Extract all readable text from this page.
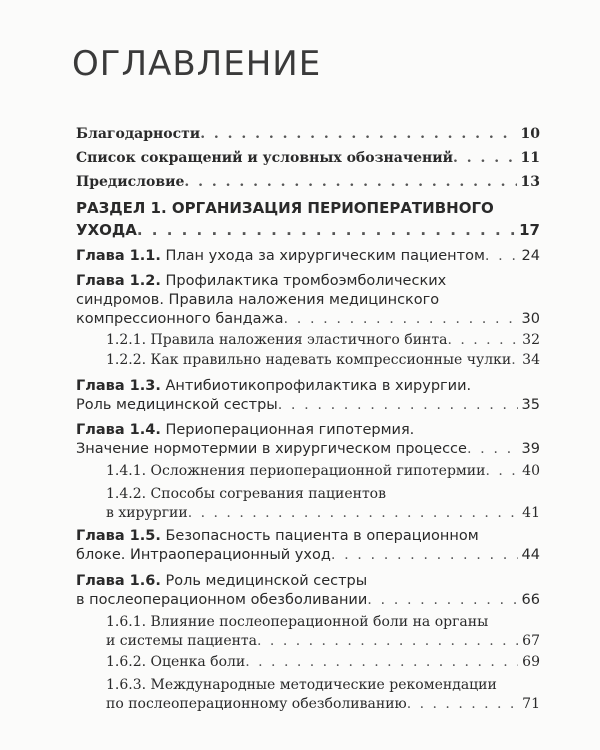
ОГЛАВЛЕНИЕ
Благодарности . . .	10
Список сокращений и условных обозначений . . .	11
Предисловие . . .	13
РАЗДЕЛ 1. ОРГАНИЗАЦИЯ ПЕРИОПЕРАТИВНОГО
УХОДА . . .	17
Глава 1.1. План ухода за хирургическим пациентом . . .	24
Глава 1.2. Профилактика тромбоэмболических
синдромов. Правила наложения медицинского
компрессионного бандажа . . .	30
1.2.1. Правила наложения эластичного бинта . . .	32
1.2.2. Как правильно надевать компрессионные чулки . . . 34
Глава 1.3. Антибиотикопрофилактика в хирургии.
Роль медицинской сестры . . .	35
Глава 1.4. Периоперационная гипотермия.
Значение нормотермии в хирургическом процессе . . .	39
1.4.1. Осложнения периоперационной гипотермии . . .	40
1.4.2. Способы согревания пациентов
в хирургии . . .	41
Глава 1.5. Безопасность пациента в операционном
блоке. Интраоперационный уход . . .	44
Глава 1.6. Роль медицинской сестры
в послеоперационном обезболивании . . .	66
1.6.1. Влияние послеоперационной боли на органы
и системы пациента . . .	67
1.6.2. Оценка боли . . .	69
1.6.3. Международные методические рекомендации
по послеоперационному обезболиванию . . .	71
